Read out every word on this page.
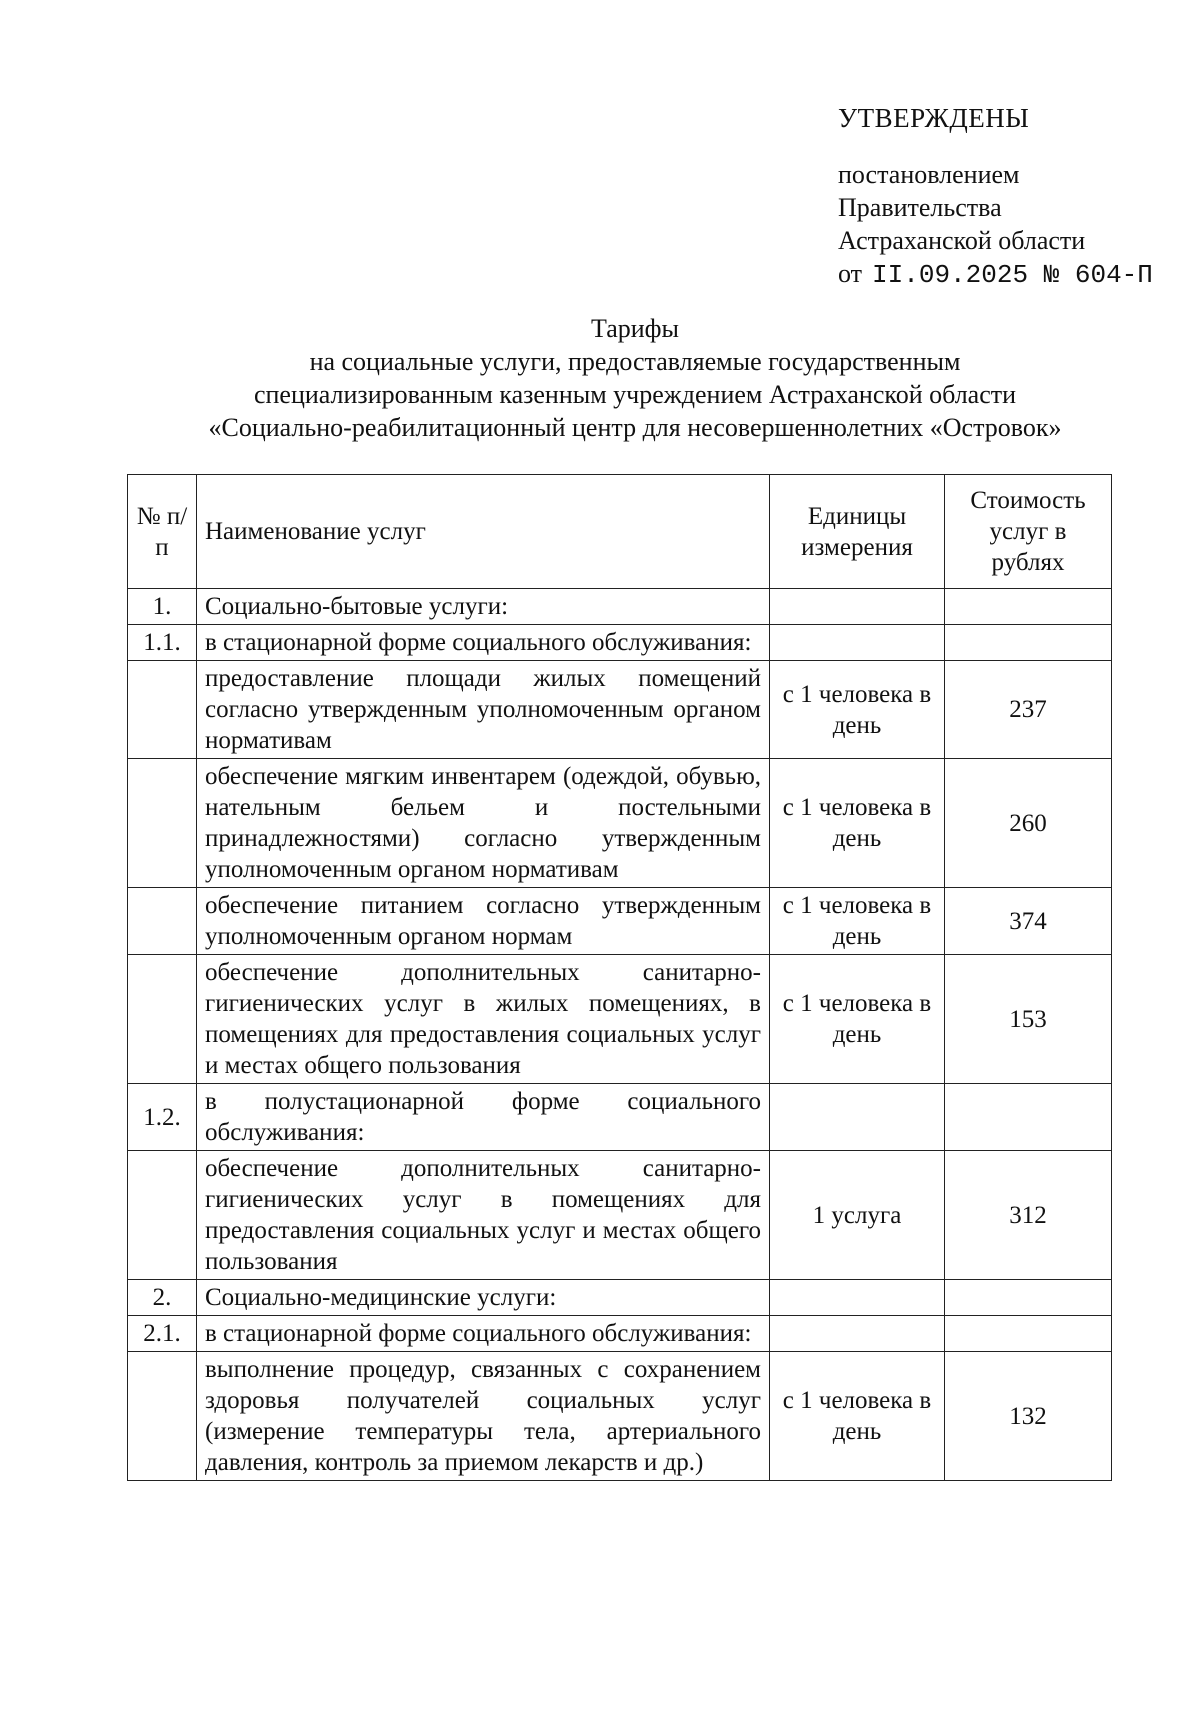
УТВЕРЖДЕНЫ
постановлением
Правительства
Астраханской области
от II.09.2025 № 604-П
Тарифы
на социальные услуги, предоставляемые государственным
специализированным казенным учреждением Астраханской области
«Социально-реабилитационный центр для несовершеннолетних «Островок»
№ п/п	Наименование услуг	Единицы измерения	Стоимость услуг в рублях
1.	Социально-бытовые услуги:		
1.1.	в стационарной форме социального обслуживания:		
	предоставление площади жилых помещений согласно утвержденным уполномоченным органом нормативам	с 1 человека в день	237
	обеспечение мягким инвентарем (одеждой, обувью, нательным бельем и постельными принадлежностями) согласно утвержденным уполномоченным органом нормативам	с 1 человека в день	260
	обеспечение питанием согласно утвержденным уполномоченным органом нормам	с 1 человека в день	374
	обеспечение дополнительных санитарно-гигиенических услуг в жилых помещениях, в помещениях для предоставления социальных услуг и местах общего пользования	с 1 человека в день	153
1.2.	в полустационарной форме социального обслуживания:		
	обеспечение дополнительных санитарно-гигиенических услуг в помещениях для предоставления социальных услуг и местах общего пользования	1 услуга	312
2.	Социально-медицинские услуги:		
2.1.	в стационарной форме социального обслуживания:		
	выполнение процедур, связанных с сохранением здоровья получателей социальных услуг (измерение температуры тела, артериального давления, контроль за приемом лекарств и др.)	с 1 человека в день	132
